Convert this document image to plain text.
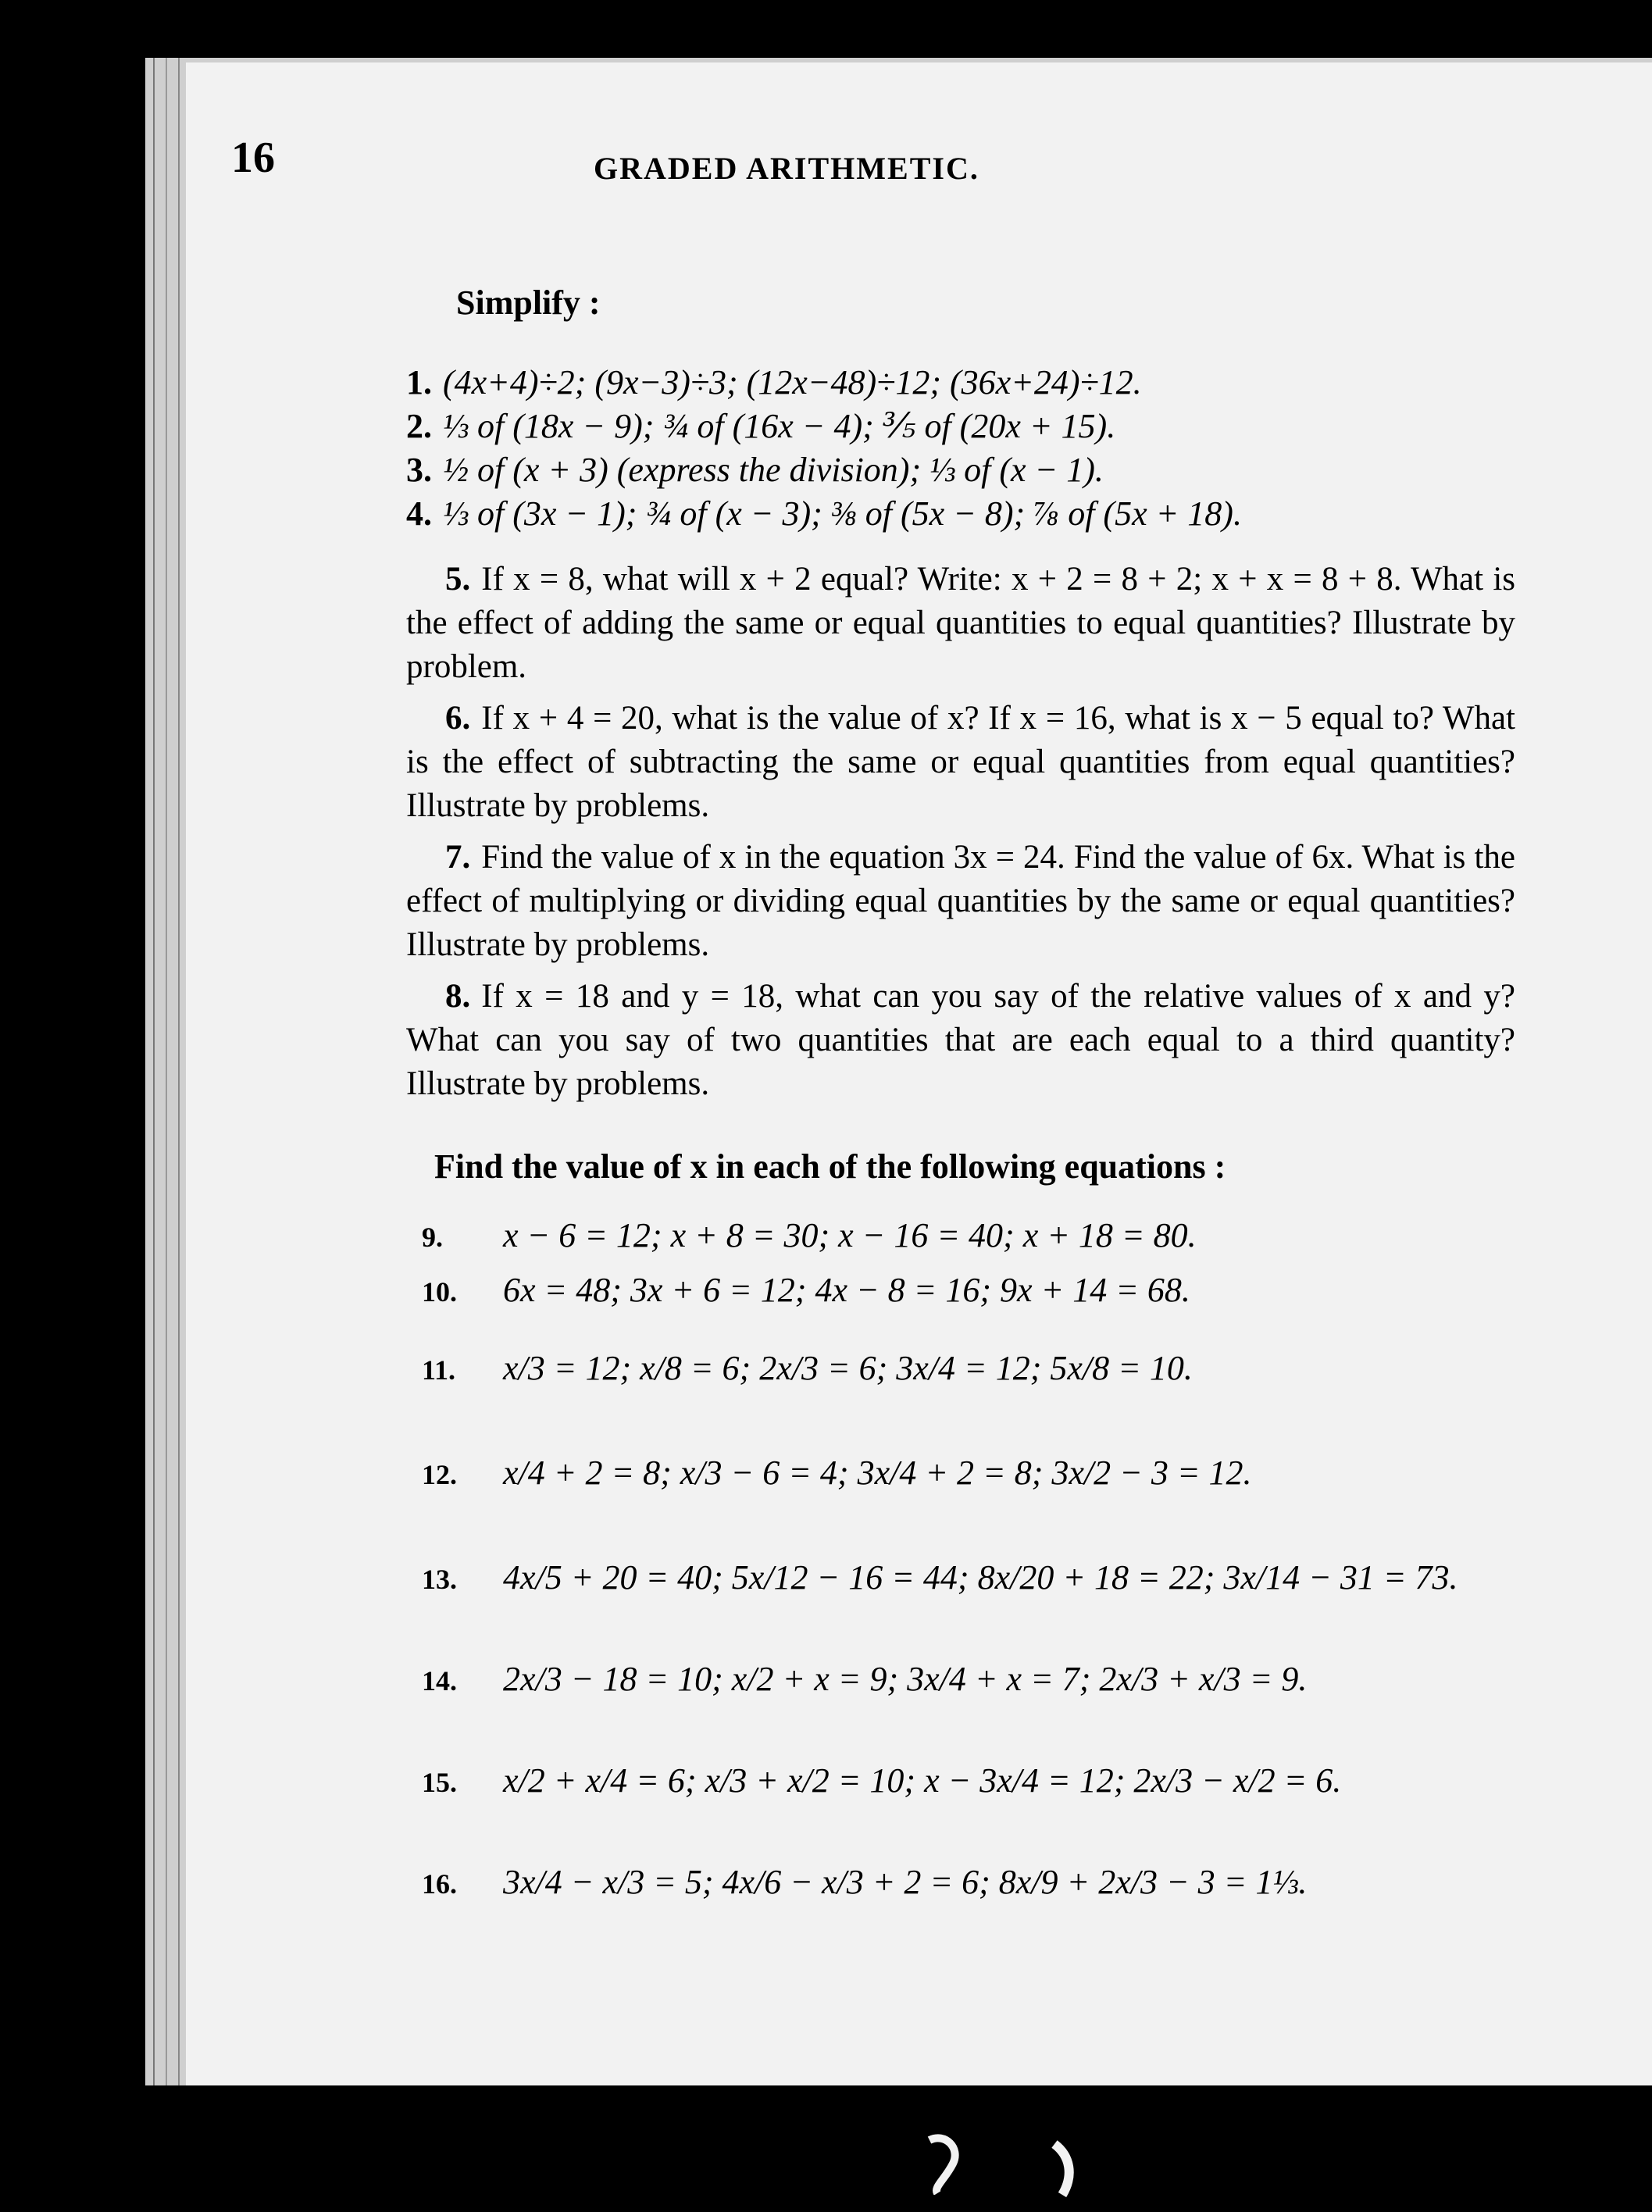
16	GRADED ARITHMETIC.
Simplify :
1. (4x+4)÷2; (9x−3)÷3; (12x−48)÷12; (36x+24)÷12.
2. ⅓ of (18x − 9); ¾ of (16x − 4); ⅗ of (20x + 15).
3. ½ of (x + 3) (express the division); ⅓ of (x − 1).
4. ⅓ of (3x − 1); ¾ of (x − 3); ⅜ of (5x − 8); ⅞ of (5x + 18).
5. If x = 8, what will x + 2 equal? Write: x + 2 = 8 + 2; x + x = 8 + 8. What is the effect of adding the same or equal quantities to equal quantities? Illustrate by problem.
6. If x + 4 = 20, what is the value of x? If x = 16, what is x − 5 equal to? What is the effect of subtracting the same or equal quantities from equal quantities? Illustrate by problems.
7. Find the value of x in the equation 3x = 24. Find the value of 6x. What is the effect of multiplying or dividing equal quantities by the same or equal quantities? Illustrate by problems.
8. If x = 18 and y = 18, what can you say of the relative values of x and y? What can you say of two quantities that are each equal to a third quantity? Illustrate by problems.
Find the value of x in each of the following equations :
9. x − 6 = 12; x + 8 = 30; x − 16 = 40; x + 18 = 80.
10. 6x = 48; 3x + 6 = 12; 4x − 8 = 16; 9x + 14 = 68.
11. x/3 = 12; x/8 = 6; 2x/3 = 6; 3x/4 = 12; 5x/8 = 10.
12. x/4 + 2 = 8; x/3 − 6 = 4; 3x/4 + 2 = 8; 3x/2 − 3 = 12.
13. 4x/5 + 20 = 40; 5x/12 − 16 = 44; 8x/20 + 18 = 22; 3x/14 − 31 = 73.
14. 2x/3 − 18 = 10; x/2 + x = 9; 3x/4 + x = 7; 2x/3 + x/3 = 9.
15. x/2 + x/4 = 6; x/3 + x/2 = 10; x − 3x/4 = 12; 2x/3 − x/2 = 6.
16. 3x/4 − x/3 = 5; 4x/6 − x/3 + 2 = 6; 8x/9 + 2x/3 − 3 = 1⅓.
